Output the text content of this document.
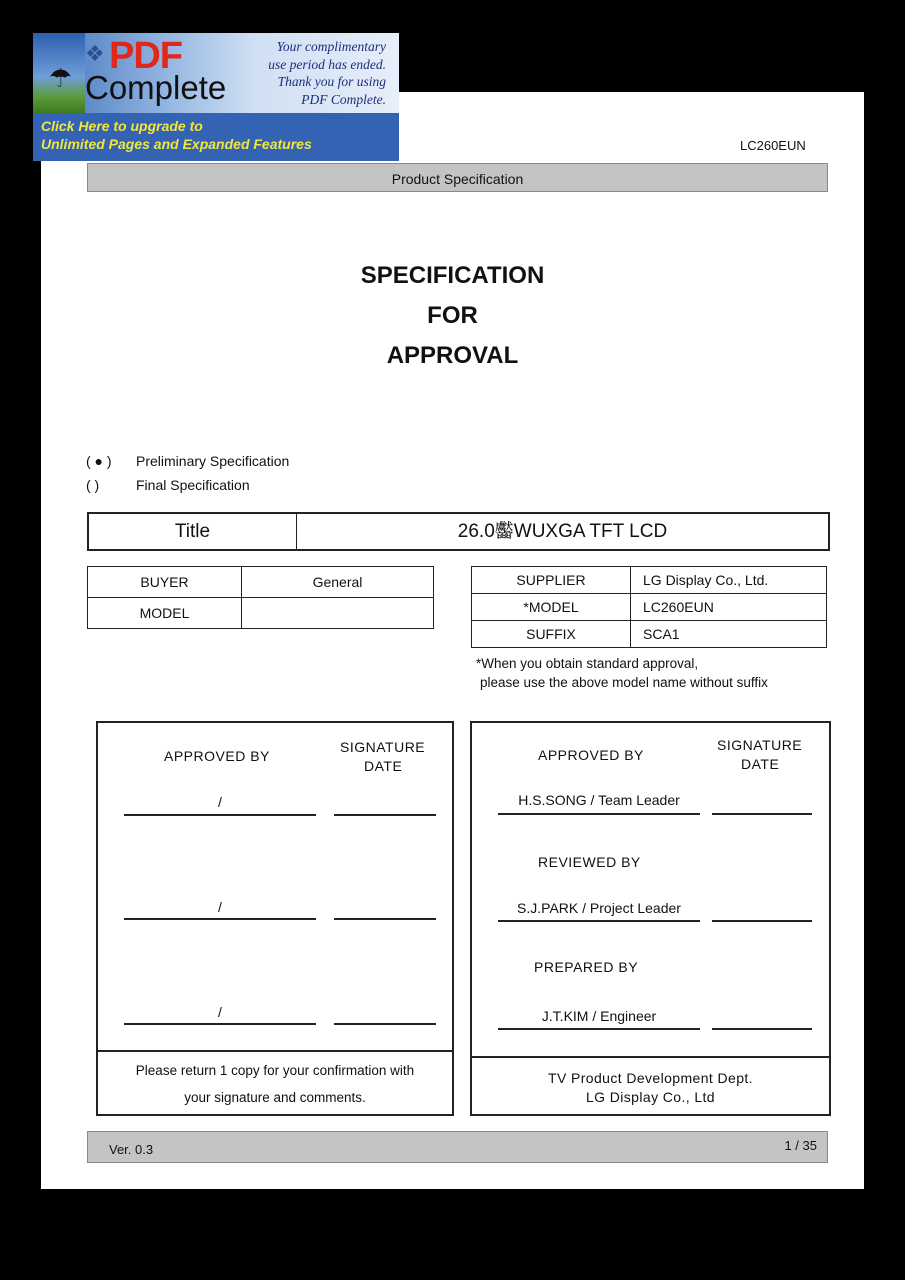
☂
❖ PDF
Complete
Your complimentary
use period has ended.
Thank you for using
PDF Complete.
Click Here to upgrade to
Unlimited Pages and Expanded Features	LC260EUN
Product Specification
SPECIFICATION
FOR
APPROVAL
( ● ) Preliminary Specification
( )	Final Specification
Title	26.0齾WUXGA TFT LCD
BUYER	General
MODEL	
SUPPLIER	LG Display Co., Ltd.
*MODEL	LC260EUN
SUFFIX	SCA1
*When you obtain standard approval,
please use the above model name without suffix
APPROVED BY
SIGNATURE
DATE
/
/
/
Please return 1 copy for your confirmation with
your signature and comments.
APPROVED BY
SIGNATURE
DATE
H.S.SONG / Team Leader
REVIEWED BY
S.J.PARK / Project Leader
PREPARED BY
J.T.KIM / Engineer
TV Product Development Dept.
LG Display Co., Ltd
Ver. 0.3	1 / 35
